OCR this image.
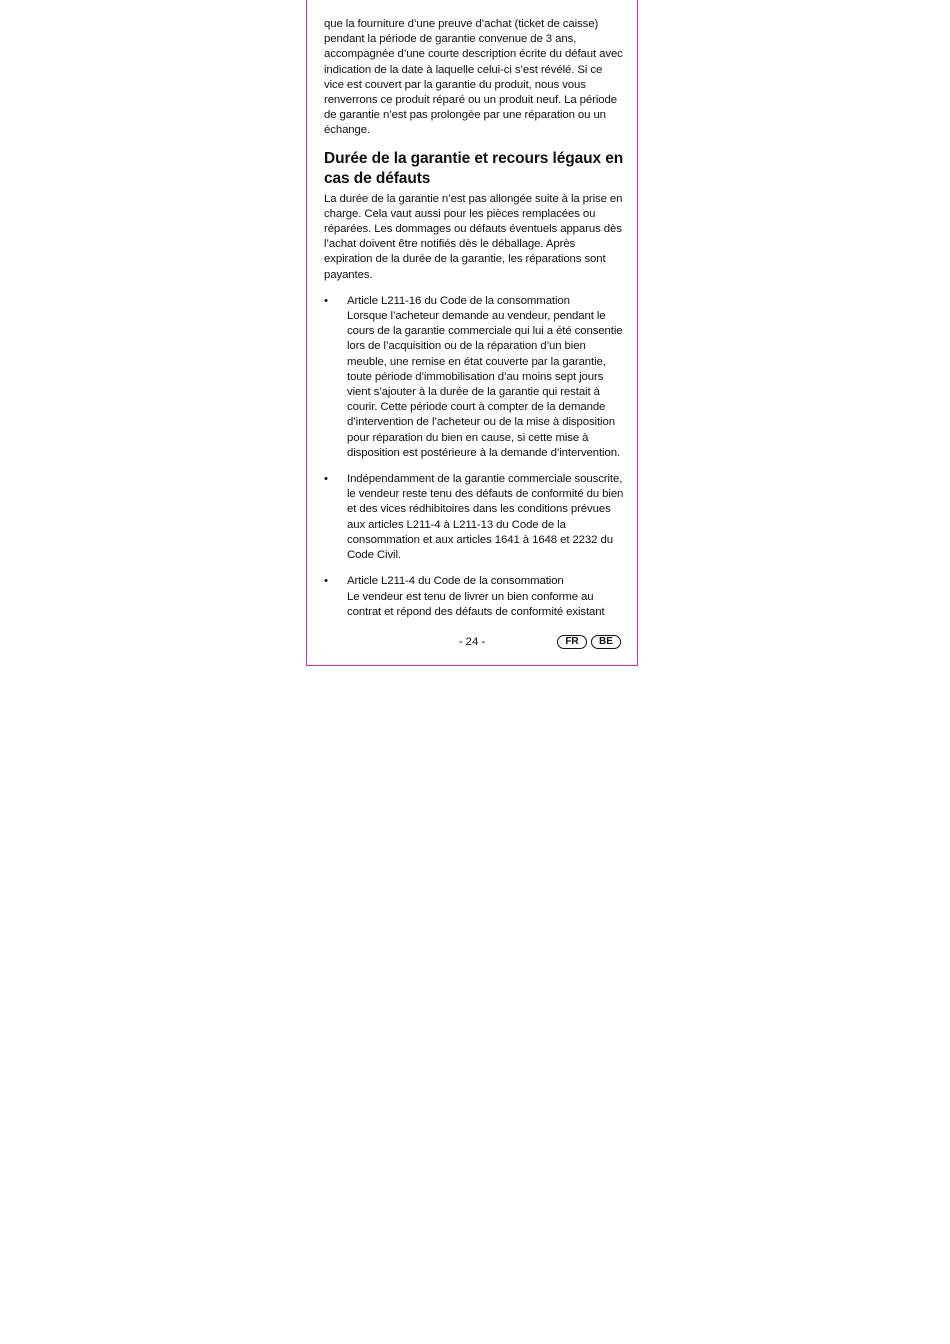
que la fourniture d’une preuve d’achat (ticket de caisse) pendant la période de garantie convenue de 3 ans, accompagnée d’une courte description écrite du défaut avec indication de la date à laquelle celui-ci s’est révélé. Si ce vice est couvert par la garantie du produit, nous vous renverrons ce produit réparé ou un produit neuf. La période de garantie n’est pas prolongée par une réparation ou un échange.

Durée de la garantie et recours légaux en cas de défauts

La durée de la garantie n’est pas allongée suite à la prise en charge. Cela vaut aussi pour les pièces remplacées ou réparées. Les dommages ou défauts éventuels apparus dès l’achat doivent être notifiés dès le déballage. Après expiration de la durée de la garantie, les réparations sont payantes.

• Article L211-16 du Code de la consommation

Lorsque l’acheteur demande au vendeur, pendant le cours de la garantie commerciale qui lui a été consentie lors de l’acquisition ou de la réparation d’un bien meuble, une remise en état couverte par la garantie, toute période d’immobilisation d’au moins sept jours vient s’ajouter à la durée de la garantie qui restait à courir. Cette période court à compter de la demande d’intervention de l’acheteur ou de la mise à disposition pour réparation du bien en cause, si cette mise à disposition est postérieure à la demande d’intervention.

• Indépendamment de la garantie commerciale souscrite, le vendeur reste tenu des défauts de conformité du bien et des vices rédhibitoires dans les conditions prévues aux articles L211-4 à L211-13 du Code de la consommation et aux articles 1641 à 1648 et 2232 du Code Civil.

• Article L211-4 du Code de la consommation

Le vendeur est tenu de livrer un bien conforme au contrat et répond des défauts de conformité existant

- 24 -	FR	BE
